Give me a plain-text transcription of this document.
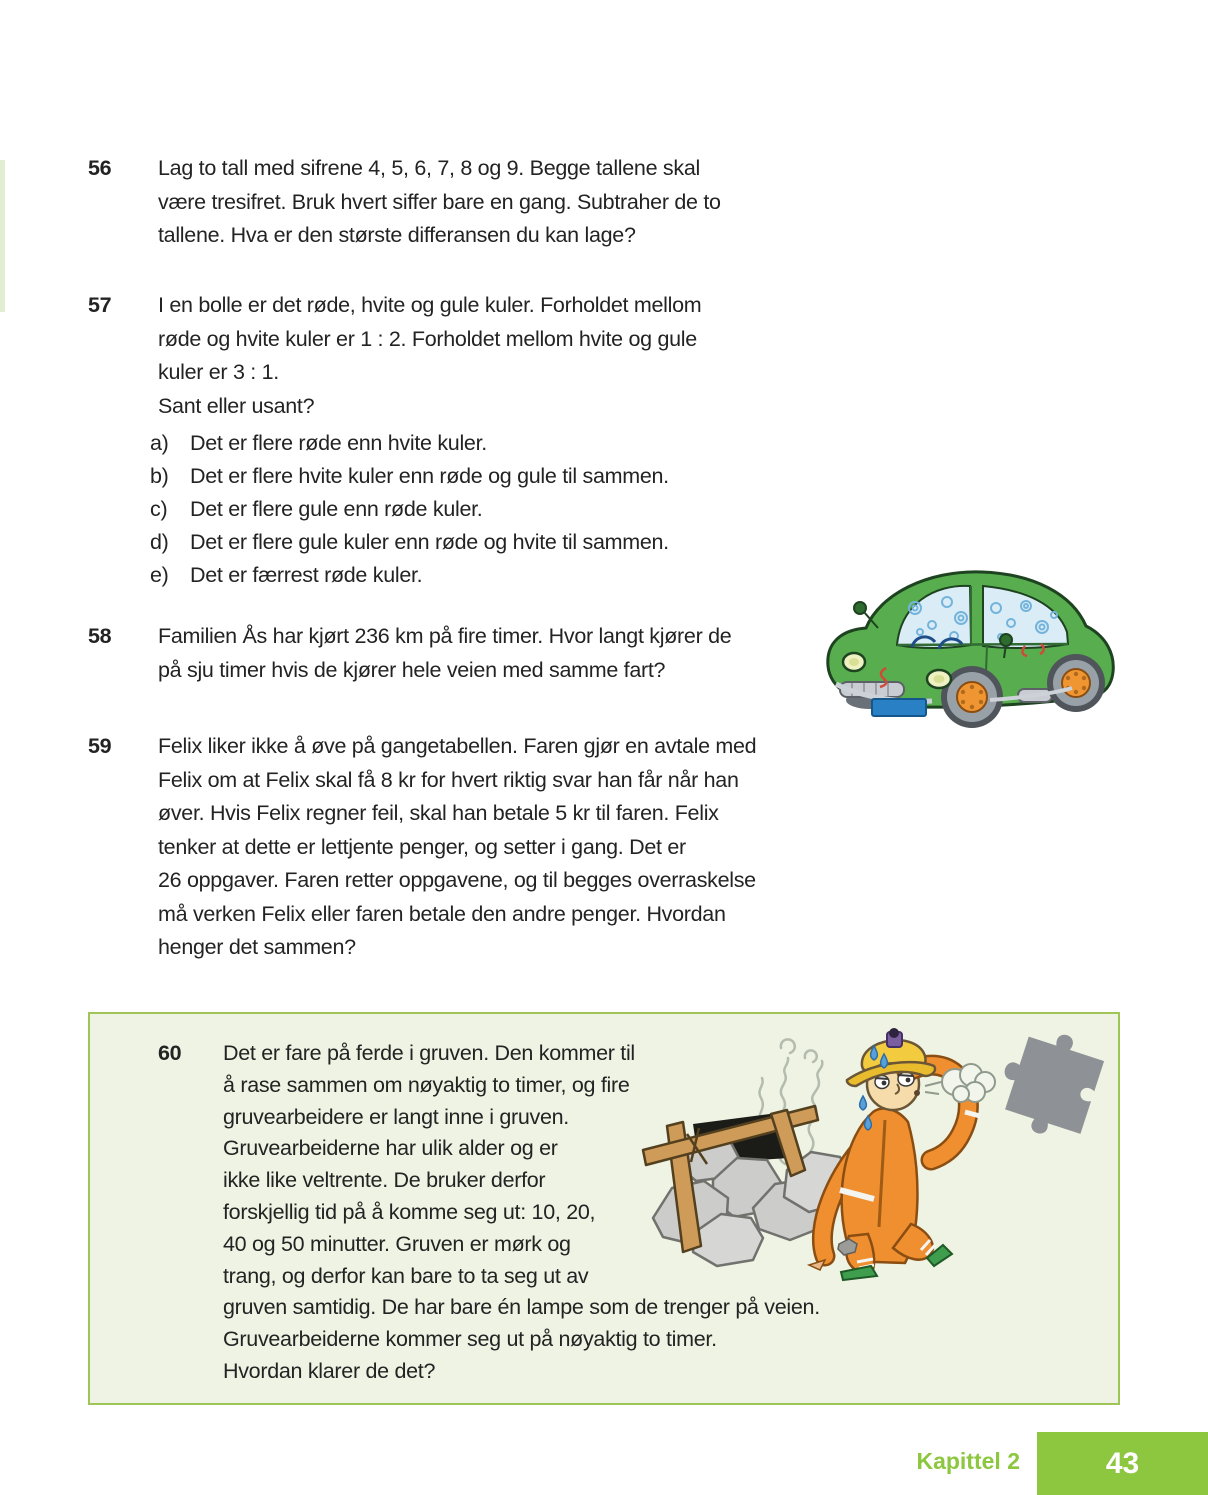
56	Lag to tall med sifrene 4, 5, 6, 7, 8 og 9. Begge tallene skal
være tresifret. Bruk hvert siffer bare en gang. Subtraher de to
tallene. Hva er den største differansen du kan lage?
57	I en bolle er det røde, hvite og gule kuler. Forholdet mellom
røde og hvite kuler er 1 : 2. Forholdet mellom hvite og gule
kuler er 3 : 1.
Sant eller usant?
a) Det er flere røde enn hvite kuler.
b) Det er flere hvite kuler enn røde og gule til sammen.
c)	Det er flere gule enn røde kuler.
d) Det er flere gule kuler enn røde og hvite til sammen.
e) Det er færrest røde kuler.
58	Familien Ås har kjørt 236 km på fire timer. Hvor langt kjører de
på sju timer hvis de kjører hele veien med samme fart?
59	Felix liker ikke å øve på gangetabellen. Faren gjør en avtale med
Felix om at Felix skal få 8 kr for hvert riktig svar han får når han
øver. Hvis Felix regner feil, skal han betale 5 kr til faren. Felix
tenker at dette er lettjente penger, og setter i gang. Det er
26 oppgaver. Faren retter oppgavene, og til begges overraskelse
må verken Felix eller faren betale den andre penger. Hvordan
henger det sammen?
60	Det er fare på ferde i gruven. Den kommer til
å rase sammen om nøyaktig to timer, og fire
gruvearbeidere er langt inne i gruven.
Gruvearbeiderne har ulik alder og er
ikke like veltrente. De bruker derfor
forskjellig tid på å komme seg ut: 10, 20,
40 og 50 minutter. Gruven er mørk og
trang, og derfor kan bare to ta seg ut av
gruven samtidig. De har bare én lampe som de trenger på veien.
Gruvearbeiderne kommer seg ut på nøyaktig to timer.
Hvordan klarer de det?
Kapittel 2	43
